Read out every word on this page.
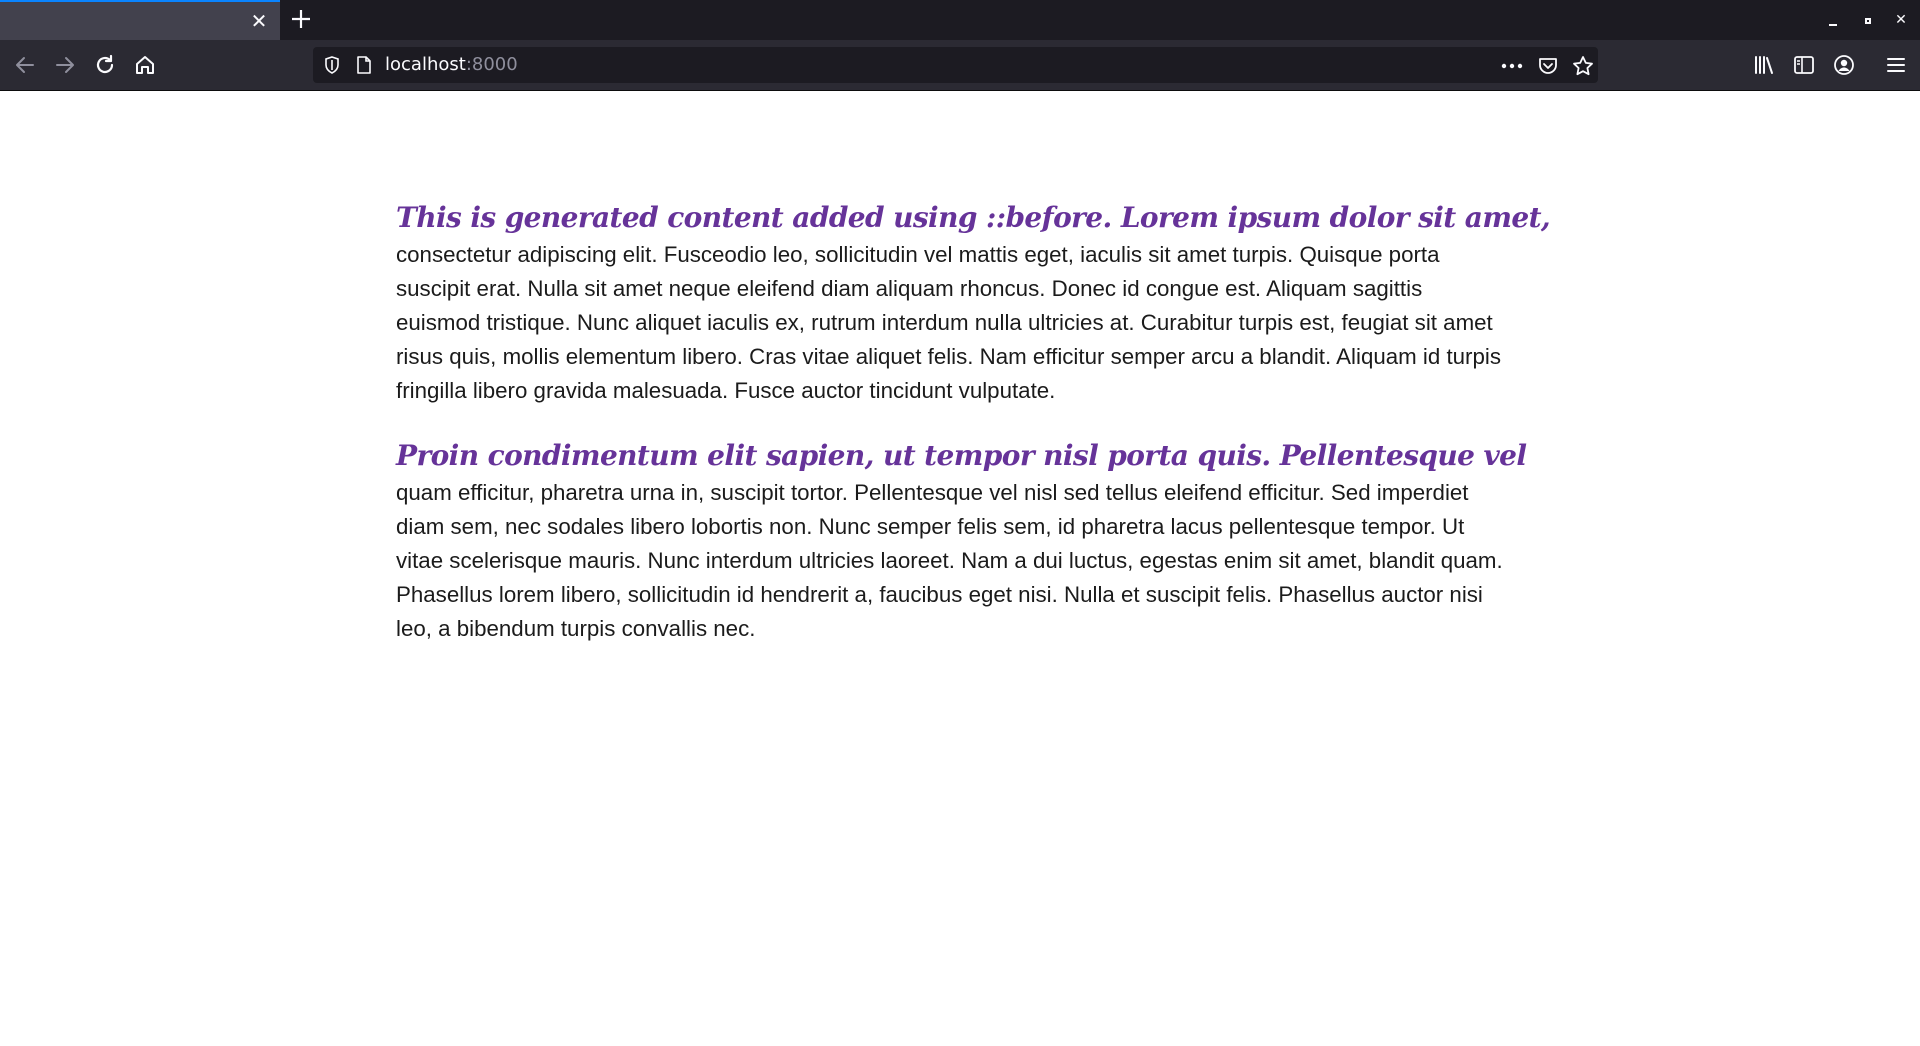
✕	✕
localhost:8000

This is generated content added using ::before. Lorem ipsum dolor sit amet,
consectetur adipiscing elit. Fusceodio leo, sollicitudin vel mattis eget, iaculis sit amet turpis. Quisque porta suscipit erat. Nulla sit amet neque eleifend diam aliquam rhoncus. Donec id congue est. Aliquam sagittis euismod tristique. Nunc aliquet iaculis ex, rutrum interdum nulla ultricies at. Curabitur turpis est, feugiat sit amet risus quis, mollis elementum libero. Cras vitae aliquet felis. Nam efficitur semper arcu a blandit. Aliquam id turpis fringilla libero gravida malesuada. Fusce auctor tincidunt vulputate.

Proin condimentum elit sapien, ut tempor nisl porta quis. Pellentesque vel
quam efficitur, pharetra urna in, suscipit tortor. Pellentesque vel nisl sed tellus eleifend efficitur. Sed imperdiet diam sem, nec sodales libero lobortis non. Nunc semper felis sem, id pharetra lacus pellentesque tempor. Ut vitae scelerisque mauris. Nunc interdum ultricies laoreet. Nam a dui luctus, egestas enim sit amet, blandit quam. Phasellus lorem libero, sollicitudin id hendrerit a, faucibus eget nisi. Nulla et suscipit felis. Phasellus auctor nisi leo, a bibendum turpis convallis nec.
